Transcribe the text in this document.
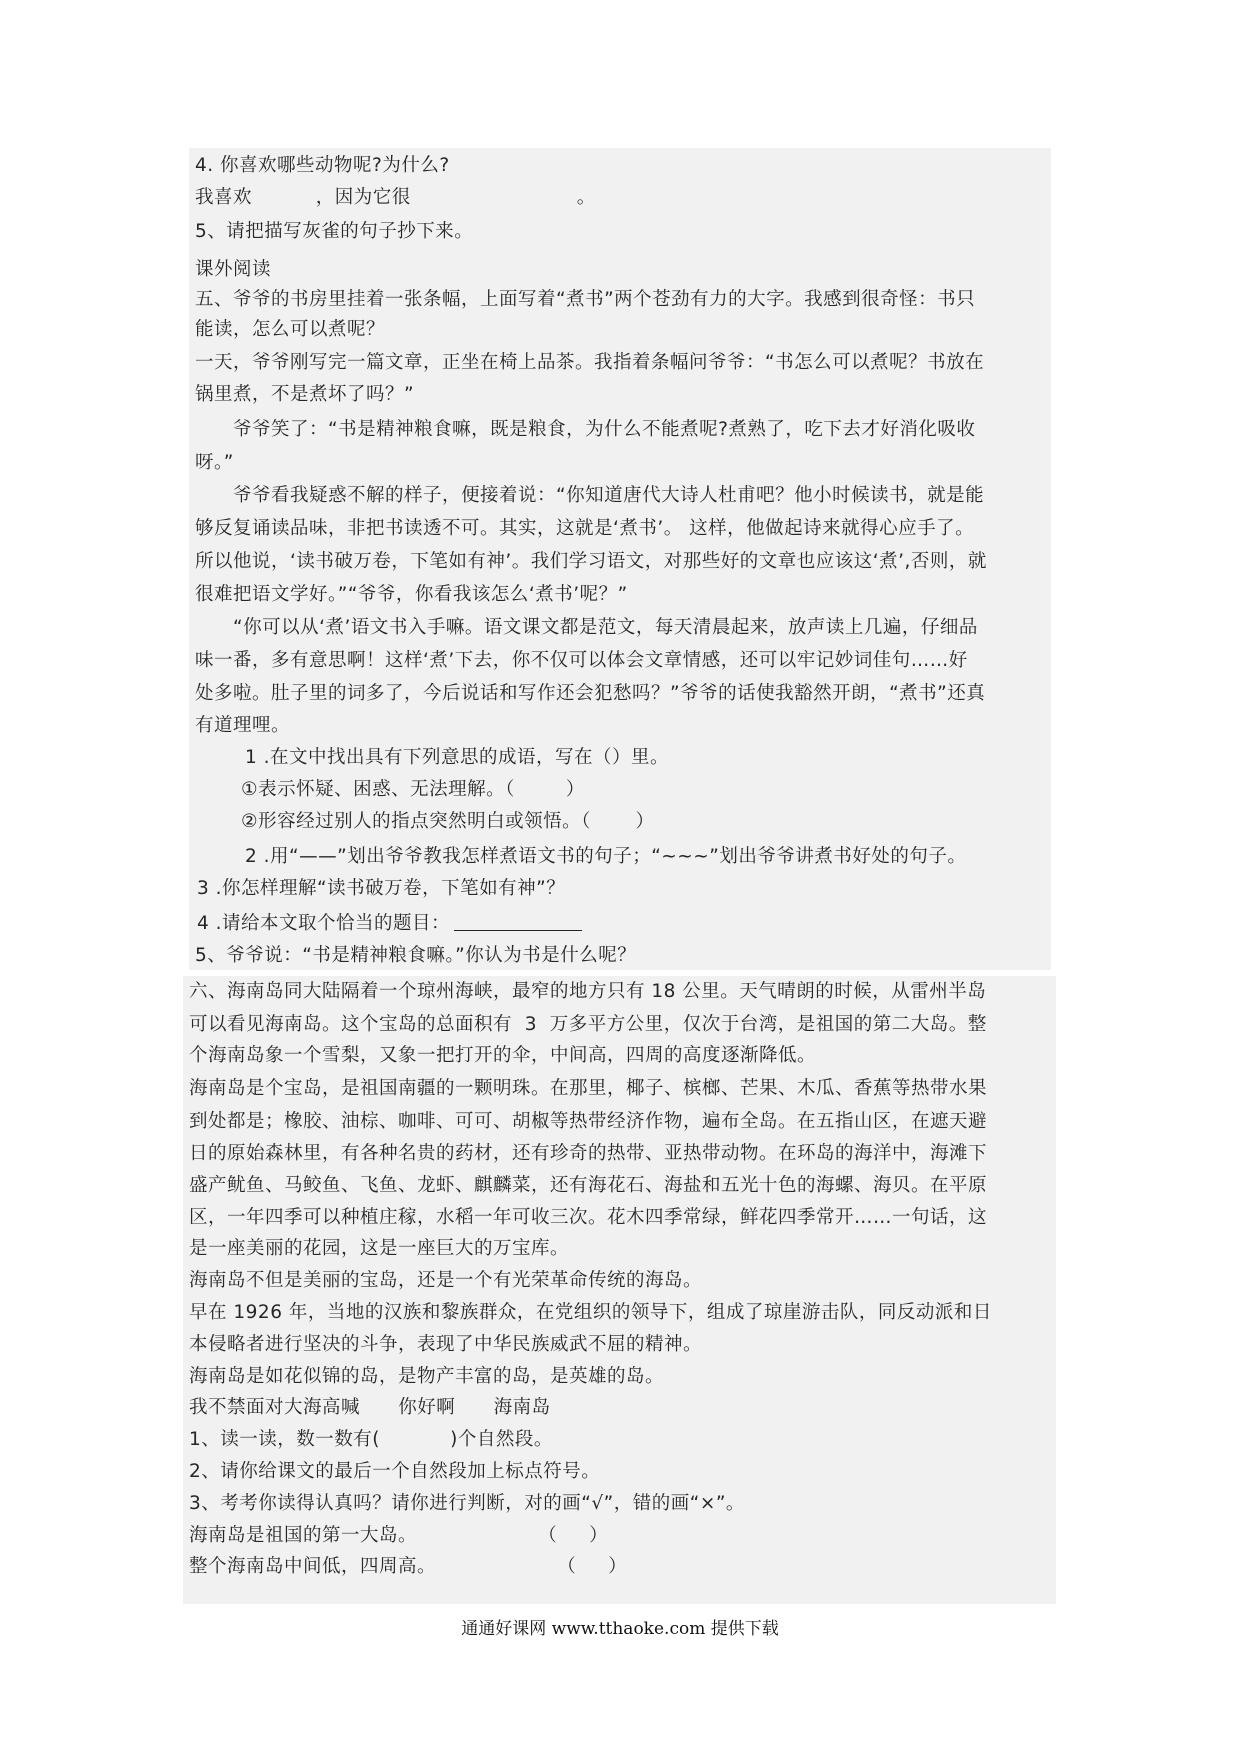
4. 你喜欢哪些动物呢?为什么?
我喜欢          ，因为它很                          。
5、请把描写灰雀的句子抄下来。
课外阅读
五、爷爷的书房里挂着一张条幅，上面写着“煮书”两个苍劲有力的大字。我感到很奇怪：书只
能读，怎么可以煮呢？
一天，爷爷刚写完一篇文章，正坐在椅上品茶。我指着条幅问爷爷：“书怎么可以煮呢？书放在
锅里煮，不是煮坏了吗？”
爷爷笑了：“书是精神粮食嘛，既是粮食，为什么不能煮呢?煮熟了，吃下去才好消化吸收
呀。”
爷爷看我疑惑不解的样子，便接着说：“你知道唐代大诗人杜甫吧？他小时候读书，就是能
够反复诵读品味，非把书读透不可。其实，这就是‘煮书’。 这样，他做起诗来就得心应手了。
所以他说，‘读书破万卷，下笔如有神’。我们学习语文，对那些好的文章也应该这‘煮’,否则，就
很难把语文学好。”“爷爷，你看我该怎么‘煮书’呢？”
“你可以从‘煮’语文书入手嘛。语文课文都是范文，每天清晨起来，放声读上几遍，仔细品
味一番，多有意思啊！这样‘煮’下去，你不仅可以体会文章情感，还可以牢记妙词佳句……好
处多啦。肚子里的词多了，今后说话和写作还会犯愁吗？”爷爷的话使我豁然开朗，“煮书”还真
有道理哩。
1 .在文中找出具有下列意思的成语，写在（）里。
①表示怀疑、困惑、无法理解。（        ）
②形容经过别人的指点突然明白或领悟。（       ）
2 .用“——”划出爷爷教我怎样煮语文书的句子；“~~~”划出爷爷讲煮书好处的句子。
3 .你怎样理解“读书破万卷，下笔如有神”？
4 .请给本文取个恰当的题目：
5、爷爷说：“书是精神粮食嘛。”你认为书是什么呢？
六、海南岛同大陆隔着一个琼州海峡，最窄的地方只有 18 公里。天气晴朗的时候，从雷州半岛
可以看见海南岛。这个宝岛的总面积有  3  万多平方公里，仅次于台湾，是祖国的第二大岛。整
个海南岛象一个雪梨，又象一把打开的伞，中间高，四周的高度逐渐降低。
海南岛是个宝岛，是祖国南疆的一颗明珠。在那里，椰子、槟榔、芒果、木瓜、香蕉等热带水果
到处都是；橡胶、油棕、咖啡、可可、胡椒等热带经济作物，遍布全岛。在五指山区，在遮天避
日的原始森林里，有各种名贵的药材，还有珍奇的热带、亚热带动物。在环岛的海洋中，海滩下
盛产鱿鱼、马鲛鱼、飞鱼、龙虾、麒麟菜，还有海花石、海盐和五光十色的海螺、海贝。在平原
区，一年四季可以种植庄稼，水稻一年可收三次。花木四季常绿，鲜花四季常开……一句话，这
是一座美丽的花园，这是一座巨大的万宝库。
海南岛不但是美丽的宝岛，还是一个有光荣革命传统的海岛。
早在 1926 年，当地的汉族和黎族群众，在党组织的领导下，组成了琼崖游击队，同反动派和日
本侵略者进行坚决的斗争，表现了中华民族威武不屈的精神。
海南岛是如花似锦的岛，是物产丰富的岛，是英雄的岛。
我不禁面对大海高喊      你好啊      海南岛
1、读一读，数一数有(           )个自然段。
2、请你给课文的最后一个自然段加上标点符号。
3、考考你读得认真吗？请你进行判断，对的画“√”，错的画“×”。
海南岛是祖国的第一大岛。                   （     ）
整个海南岛中间低，四周高。                   （     ）
通通好课网 www.tthaoke.com 提供下载
